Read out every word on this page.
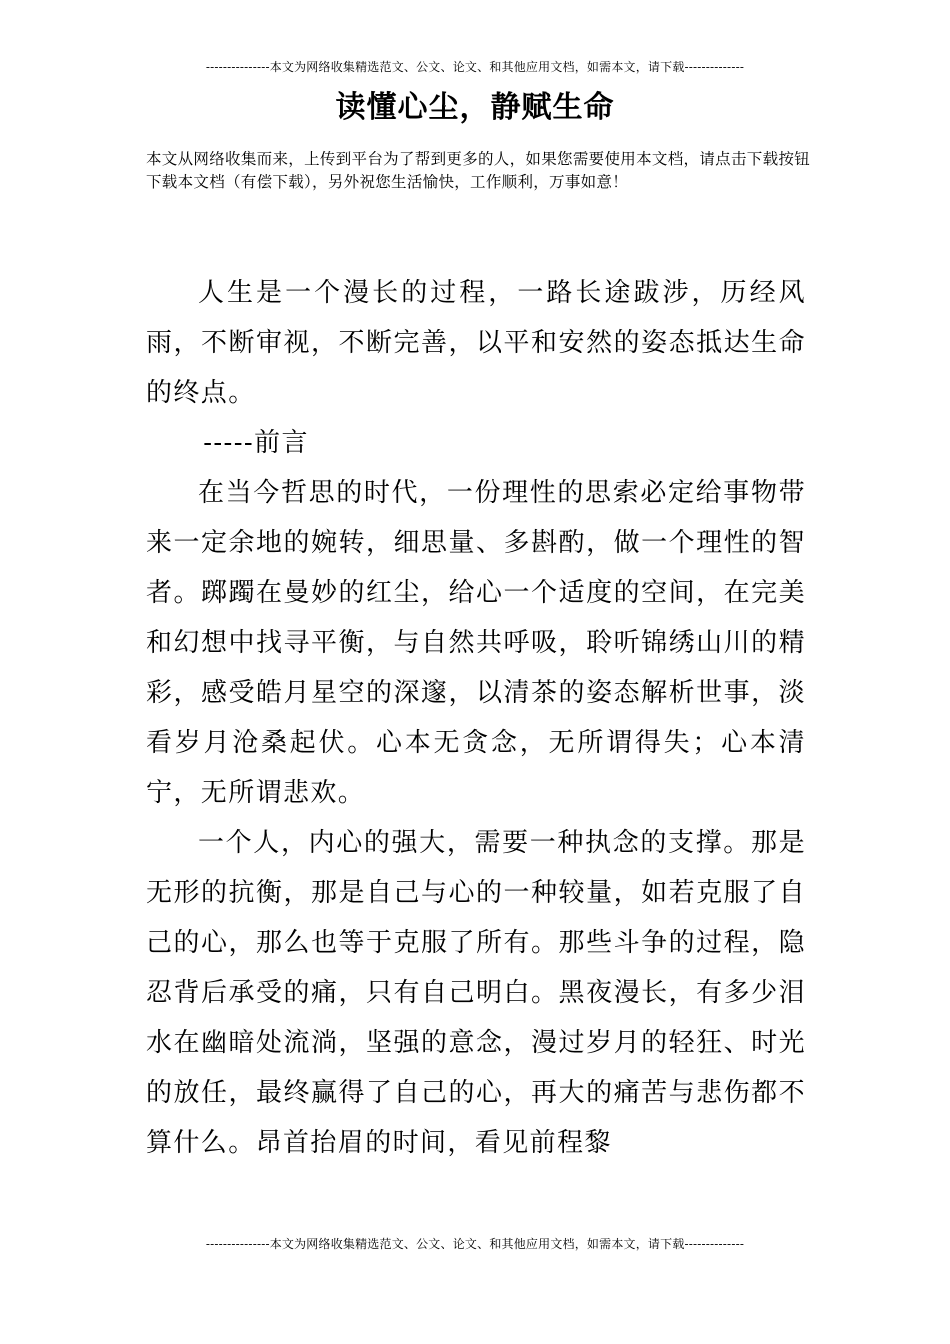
---------------本文为网络收集精选范文、公文、论文、和其他应用文档，如需本文，请下载--------------
读懂心尘，静赋生命
本文从网络收集而来，上传到平台为了帮到更多的人，如果您需要使用本文档，请点击下载按钮下载本文档（有偿下载），另外祝您生活愉快，工作顺利，万事如意！

人生是一个漫长的过程，一路长途跋涉，历经风雨，不断审视，不断完善，以平和安然的姿态抵达生命的终点。

-----前言

在当今哲思的时代，一份理性的思索必定给事物带来一定余地的婉转，细思量、多斟酌，做一个理性的智者。踯躅在曼妙的红尘，给心一个适度的空间，在完美和幻想中找寻平衡，与自然共呼吸，聆听锦绣山川的精彩，感受皓月星空的深邃，以清茶的姿态解析世事，淡看岁月沧桑起伏。心本无贪念，无所谓得失；心本清宁，无所谓悲欢。

一个人，内心的强大，需要一种执念的支撑。那是无形的抗衡，那是自己与心的一种较量，如若克服了自己的心，那么也等于克服了所有。那些斗争的过程，隐忍背后承受的痛，只有自己明白。黑夜漫长，有多少泪水在幽暗处流淌，坚强的意念，漫过岁月的轻狂、时光的放任，最终赢得了自己的心，再大的痛苦与悲伤都不算什么。昂首抬眉的时间，看见前程黎

---------------本文为网络收集精选范文、公文、论文、和其他应用文档，如需本文，请下载--------------
